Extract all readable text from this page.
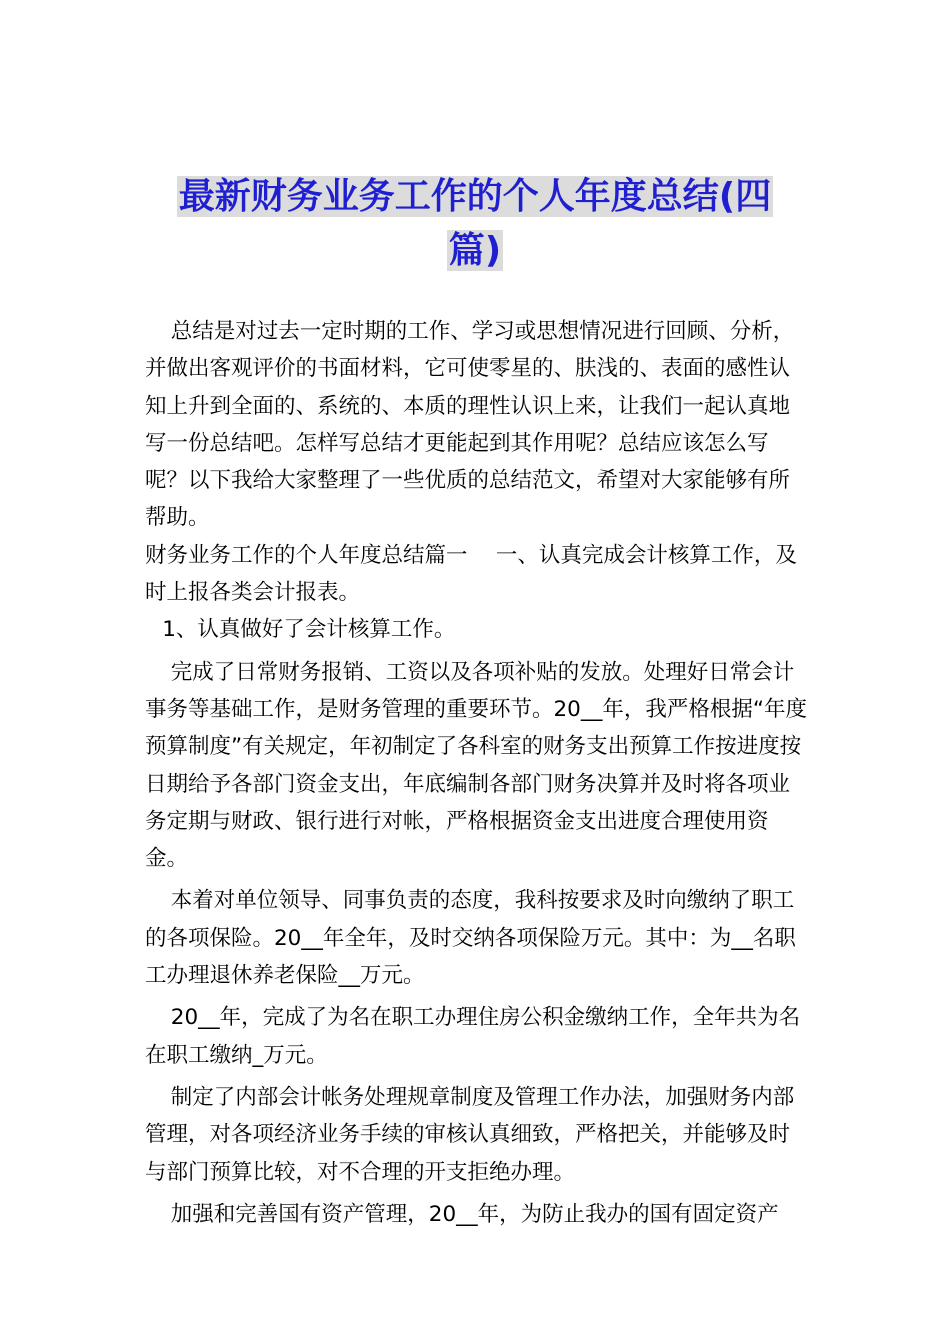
最新财务业务工作的个人年度总结(四
篇)

总结是对过去一定时期的工作、学习或思想情况进行回顾、分析，并做出客观评价的书面材料，它可使零星的、肤浅的、表面的感性认知上升到全面的、系统的、本质的理性认识上来，让我们一起认真地写一份总结吧。怎样写总结才更能起到其作用呢？总结应该怎么写呢？以下我给大家整理了一些优质的总结范文，希望对大家能够有所帮助。

财务业务工作的个人年度总结篇一　 一、认真完成会计核算工作，及时上报各类会计报表。

1、认真做好了会计核算工作。

完成了日常财务报销、工资以及各项补贴的发放。处理好日常会计事务等基础工作，是财务管理的重要环节。20__年，我严格根据“年度预算制度”有关规定，年初制定了各科室的财务支出预算工作按进度按日期给予各部门资金支出，年底编制各部门财务决算并及时将各项业务定期与财政、银行进行对帐，严格根据资金支出进度合理使用资金。

本着对单位领导、同事负责的态度，我科按要求及时向缴纳了职工的各项保险。20__年全年，及时交纳各项保险万元。其中：为__名职工办理退休养老保险__万元。

20__年，完成了为名在职工办理住房公积金缴纳工作，全年共为名在职工缴纳_万元。

制定了内部会计帐务处理规章制度及管理工作办法，加强财务内部管理，对各项经济业务手续的审核认真细致，严格把关，并能够及时与部门预算比较，对不合理的开支拒绝办理。

加强和完善国有资产管理，20__年，为防止我办的国有固定资产
